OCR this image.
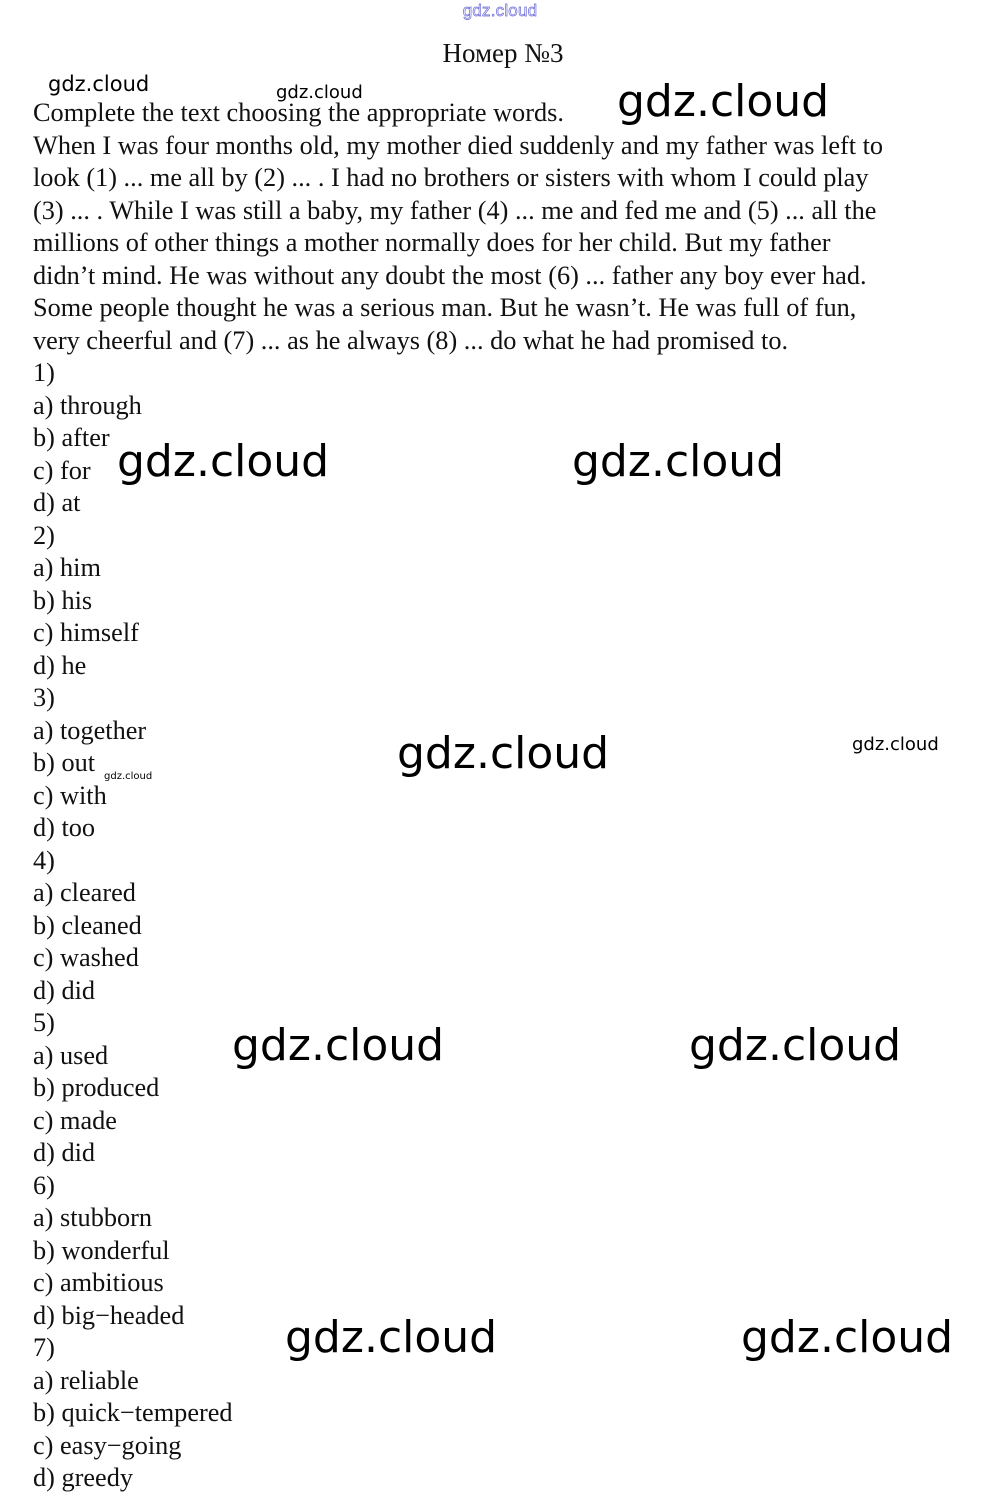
gdz.cloud
Номер №3
Complete the text choosing the appropriate words.
When I was four months old, my mother died suddenly and my father was left to
look (1) ... me all by (2) ... . I had no brothers or sisters with whom I could play
(3) ... . While I was still a baby, my father (4) ... me and fed me and (5) ... all the
millions of other things a mother normally does for her child. But my father
didn’t mind. He was without any doubt the most (6) ... father any boy ever had.
Some people thought he was a serious man. But he wasn’t. He was full of fun,
very cheerful and (7) ... as he always (8) ... do what he had promised to.
1)
a) through
b) after
c) for
d) at
2)
a) him
b) his
c) himself
d) he
3)
a) together
b) out
c) with
d) too
4)
a) cleared
b) cleaned
c) washed
d) did
5)
a) used
b) produced
c) made
d) did
6)
a) stubborn
b) wonderful
c) ambitious
d) big−headed
7)
a) reliable
b) quick−tempered
c) easy−going
d) greedy
gdz.cloud	gdz.cloud	gdz.cloud
gdz.cloud	gdz.cloud
gdz.cloud	gdz.cloud
gdz.cloud
gdz.cloud	gdz.cloud
gdz.cloud	gdz.cloud
